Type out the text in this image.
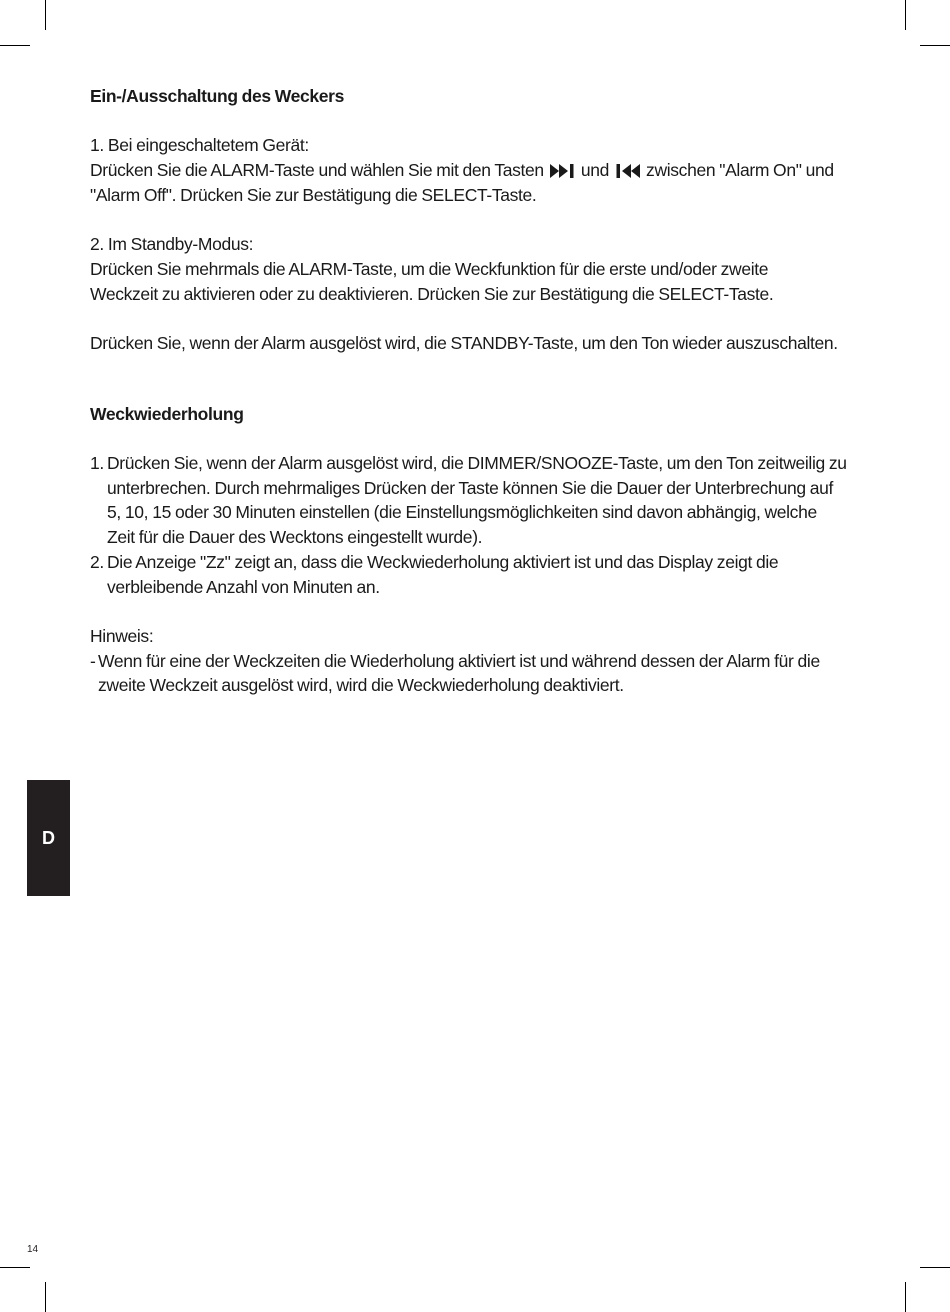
Ein-/Ausschaltung des Weckers

1. Bei eingeschaltetem Gerät:

Drücken Sie die ALARM-Taste und wählen Sie mit den Tasten und zwischen "Alarm On" und

"Alarm Off". Drücken Sie zur Bestätigung die SELECT-Taste.

2. Im Standby-Modus:

Drücken Sie mehrmals die ALARM-Taste, um die Weckfunktion für die erste und/oder zweite

Weckzeit zu aktivieren oder zu deaktivieren. Drücken Sie zur Bestätigung die SELECT-Taste.

Drücken Sie, wenn der Alarm ausgelöst wird, die STANDBY-Taste, um den Ton wieder auszuschalten.

Weckwiederholung

1. Drücken Sie, wenn der Alarm ausgelöst wird, die DIMMER/SNOOZE-Taste, um den Ton zeitweilig zu

unterbrechen. Durch mehrmaliges Drücken der Taste können Sie die Dauer der Unterbrechung auf

5, 10, 15 oder 30 Minuten einstellen (die Einstellungsmöglichkeiten sind davon abhängig, welche

Zeit für die Dauer des Wecktons eingestellt wurde).

2. Die Anzeige "Zz" zeigt an, dass die Weckwiederholung aktiviert ist und das Display zeigt die

verbleibende Anzahl von Minuten an.

Hinweis:

- Wenn für eine der Weckzeiten die Wiederholung aktiviert ist und während dessen der Alarm für die

zweite Weckzeit ausgelöst wird, wird die Weckwiederholung deaktiviert.

D
14
